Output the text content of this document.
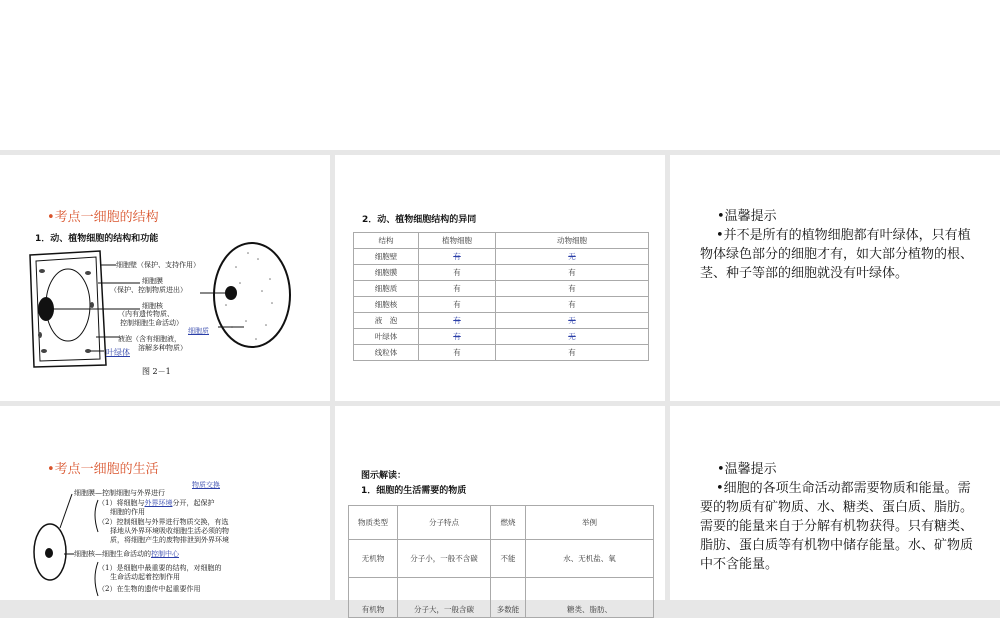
•考点一细胞的结构
1．动、植物细胞的结构和功能
细胞壁（保护、支持作用）
细胞膜
（保护、控制物质进出）
细胞核
（内有遗传物质、
控制细胞生命活动）
细胞质
液泡（含有细胞液，
溶解多种物质）
叶绿体
图 2－1
2．动、植物细胞结构的异同
结构	植物细胞	动物细胞
细胞壁	有	无
细胞膜	有	有
细胞质	有	有
细胞核	有	有
液　泡	有	无
叶绿体	有	无
线粒体	有	有
•温馨提示
•并不是所有的植物细胞都有叶绿体，只有植物体绿色部分的细胞才有，如大部分植物的根、茎、种子等部的细胞就没有叶绿体。
•考点一细胞的生活
物质交换
细胞膜—控制细胞与外界进行
（1）将细胞与外界环境分开，起保护
细胞的作用
（2）控制细胞与外界进行物质交换，有选
择地从外界环境吸收细胞生活必须的物
质，将细胞产生的废物排泄到外界环境
细胞核—细胞生命活动的控制中心
（1）是细胞中最重要的结构，对细胞的
生命活动起着控制作用
（2）在生物的遗传中起重要作用
图示解读：
1．细胞的生活需要的物质
物质类型	分子特点	燃烧	举例
无机物	分子小，一般不含碳	不能	水、无机盐、氧
有机物	分子大，一般含碳	多数能	糖类、脂肪、
•温馨提示
•细胞的各项生命活动都需要物质和能量。需要的物质有矿物质、水、糖类、蛋白质、脂肪。需要的能量来自于分解有机物获得。只有糖类、脂肪、蛋白质等有机物中储存能量。水、矿物质中不含能量。
